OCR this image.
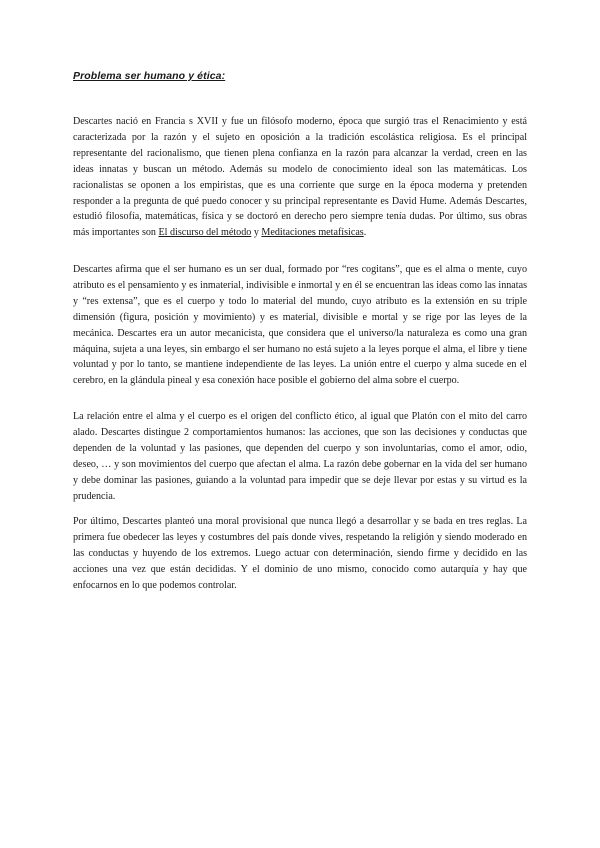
Problema ser humano y ética:

Descartes nació en Francia s XVII y fue un filósofo moderno, época que surgió tras el Renacimiento y está caracterizada por la razón y el sujeto en oposición a la tradición escolástica religiosa. Es el principal representante del racionalismo, que tienen plena confianza en la razón para alcanzar la verdad, creen en las ideas innatas y buscan un método. Además su modelo de conocimiento ideal son las matemáticas. Los racionalistas se oponen a los empiristas, que es una corriente que surge en la época moderna y pretenden responder a la pregunta de qué puedo conocer y su principal representante es David Hume. Además Descartes, estudió filosofía, matemáticas, física y se doctoró en derecho pero siempre tenía dudas. Por último, sus obras más importantes son El discurso del método y Meditaciones metafísicas.

Descartes afirma que el ser humano es un ser dual, formado por “res cogitans”, que es el alma o mente, cuyo atributo es el pensamiento y es inmaterial, indivisible e inmortal y en él se encuentran las ideas como las innatas y “res extensa”, que es el cuerpo y todo lo material del mundo, cuyo atributo es la extensión en su triple dimensión (figura, posición y movimiento) y es material, divisible e mortal y se rige por las leyes de la mecánica. Descartes era un autor mecanicista, que considera que el universo/la naturaleza es como una gran máquina, sujeta a una leyes, sin embargo el ser humano no está sujeto a la leyes porque el alma, el libre y tiene voluntad y por lo tanto, se mantiene independiente de las leyes. La unión entre el cuerpo y alma sucede en el cerebro, en la glándula pineal y esa conexión hace posible el gobierno del alma sobre el cuerpo.

La relación entre el alma y el cuerpo es el origen del conflicto ético, al igual que Platón con el mito del carro alado. Descartes distingue 2 comportamientos humanos: las acciones, que son las decisiones y conductas que dependen de la voluntad y las pasiones, que dependen del cuerpo y son involuntarias, como el amor, odio, deseo, … y son movimientos del cuerpo que afectan el alma. La razón debe gobernar en la vida del ser humano y debe dominar las pasiones, guiando a la voluntad para impedir que se deje llevar por estas y su virtud es la prudencia.

Por último, Descartes planteó una moral provisional que nunca llegó a desarrollar y se bada en tres reglas. La primera fue obedecer las leyes y costumbres del país donde vives, respetando la religión y siendo moderado en las conductas y huyendo de los extremos. Luego actuar con determinación, siendo firme y decidido en las acciones una vez que están decididas. Y el dominio de uno mismo, conocido como autarquía y hay que enfocarnos en lo que podemos controlar.
